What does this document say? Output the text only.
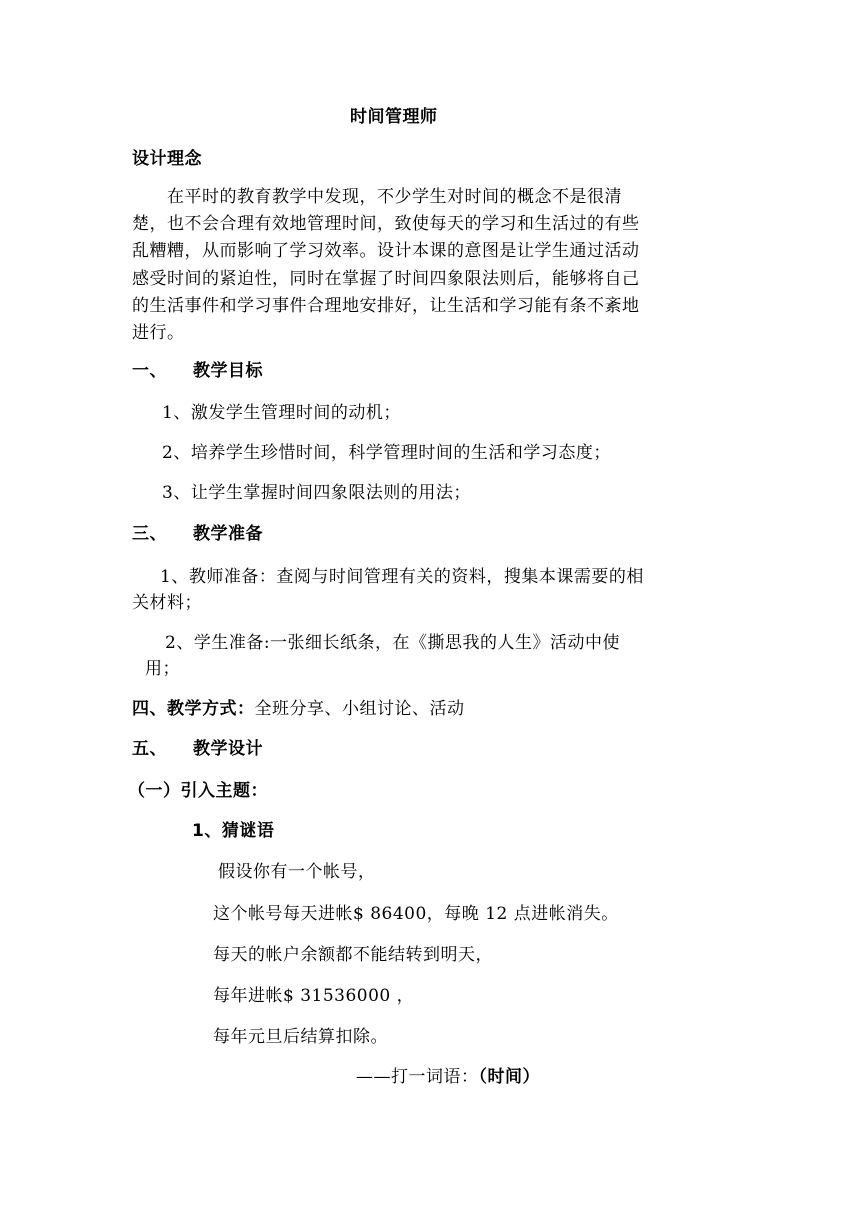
时间管理师
设计理念
　　在平时的教育教学中发现，不少学生对时间的概念不是很清
楚，也不会合理有效地管理时间，致使每天的学习和生活过的有些
乱糟糟，从而影响了学习效率。设计本课的意图是让学生通过活动
感受时间的紧迫性，同时在掌握了时间四象限法则后，能够将自己
的生活事件和学习事件合理地安排好，让生活和学习能有条不紊地
进行。
一、 教学目标
1、激发学生管理时间的动机；
2、培养学生珍惜时间，科学管理时间的生活和学习态度；
3、让学生掌握时间四象限法则的用法；
三、 教学准备
1、教师准备：查阅与时间管理有关的资料，搜集本课需要的相
关材料；
2、学生准备:一张细长纸条，在《撕思我的人生》活动中使
用；
四、教学方式：全班分享、小组讨论、活动
五、 教学设计
（一）引入主题：
1、猜谜语
假设你有一个帐号，
这个帐号每天进帐$ 86400，每晚 12 点进帐消失。
每天的帐户余额都不能结转到明天，
每年进帐$ 31536000 ，
每年元旦后结算扣除。
——打一词语：（时间）
